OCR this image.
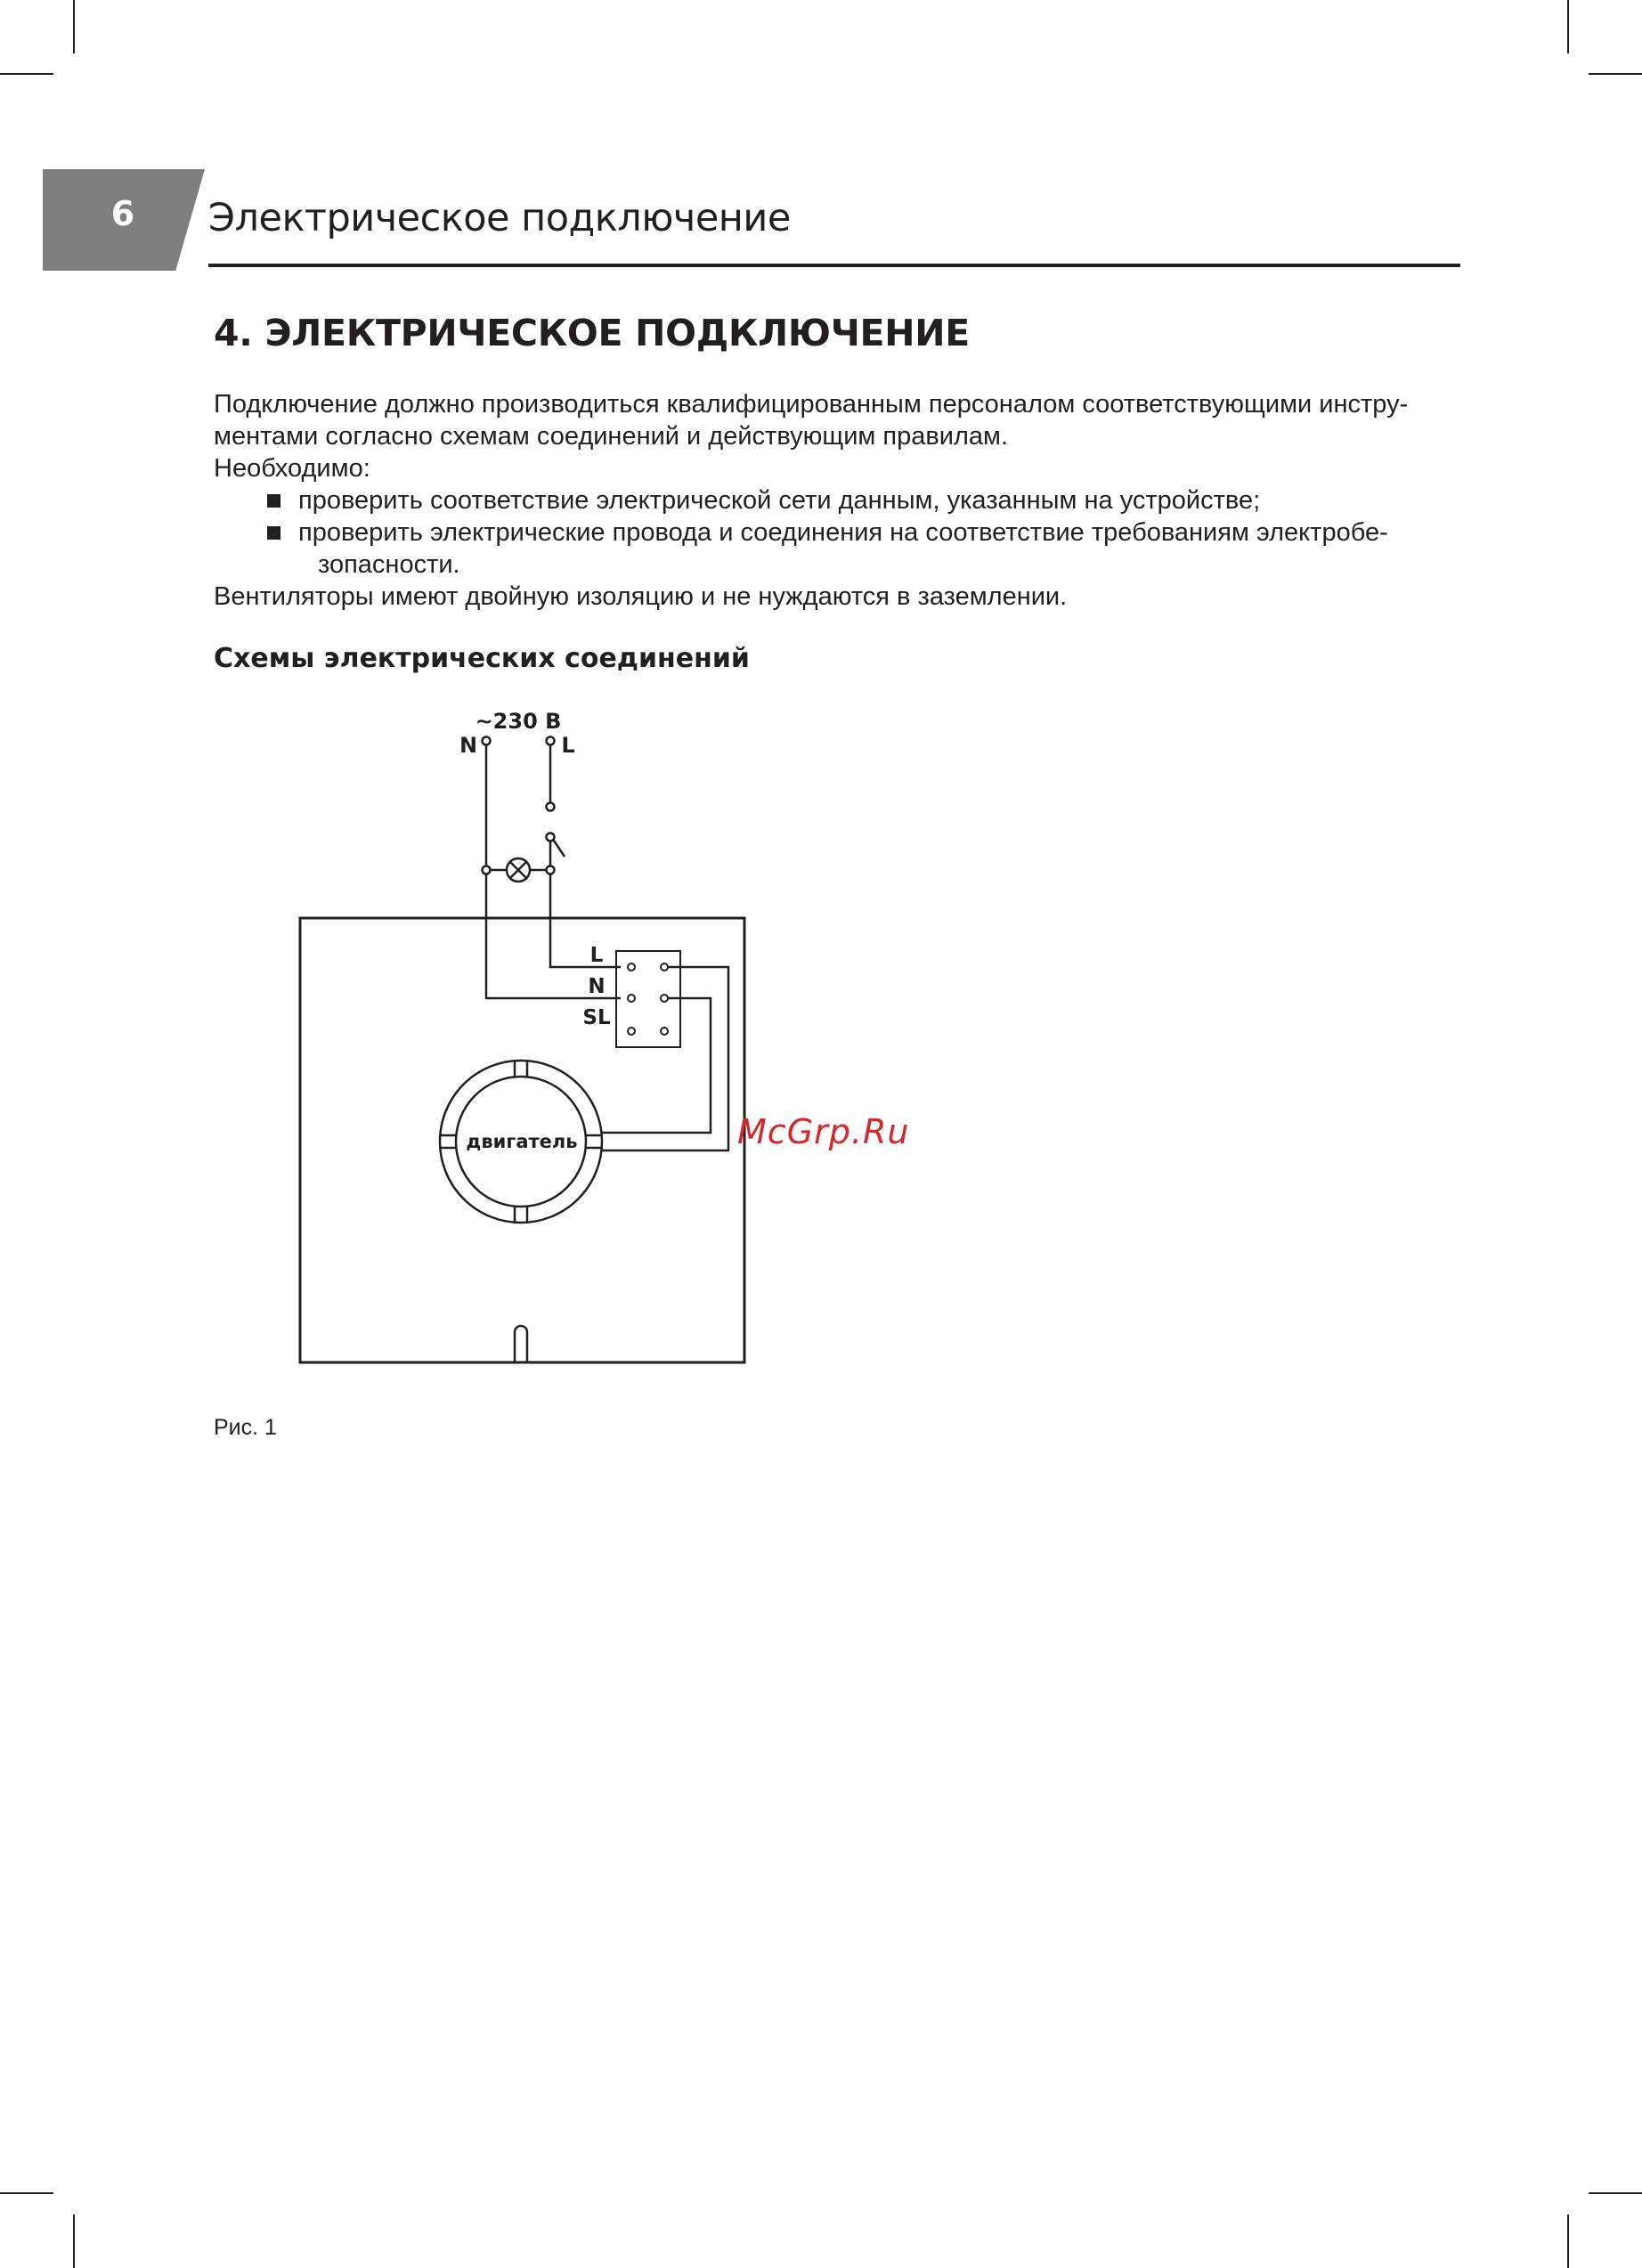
6	Электрическое подключение
4. ЭЛЕКТРИЧЕСКОЕ ПОДКЛЮЧЕНИЕ
Подключение должно производиться квалифицированным персоналом соответствующими инстру-
ментами согласно схемам соединений и действующим правилам.
Необходимо:
проверить соответствие электрической сети данным, указанным на устройстве;
проверить электрические провода и соединения на соответствие требованиям электробе-
зопасности.
Вентиляторы имеют двойную изоляцию и не нуждаются в заземлении.
Схемы электрических соединений
~230 В
N	L
L
N
SL
двигатель	McGrp.Ru
Рис. 1
